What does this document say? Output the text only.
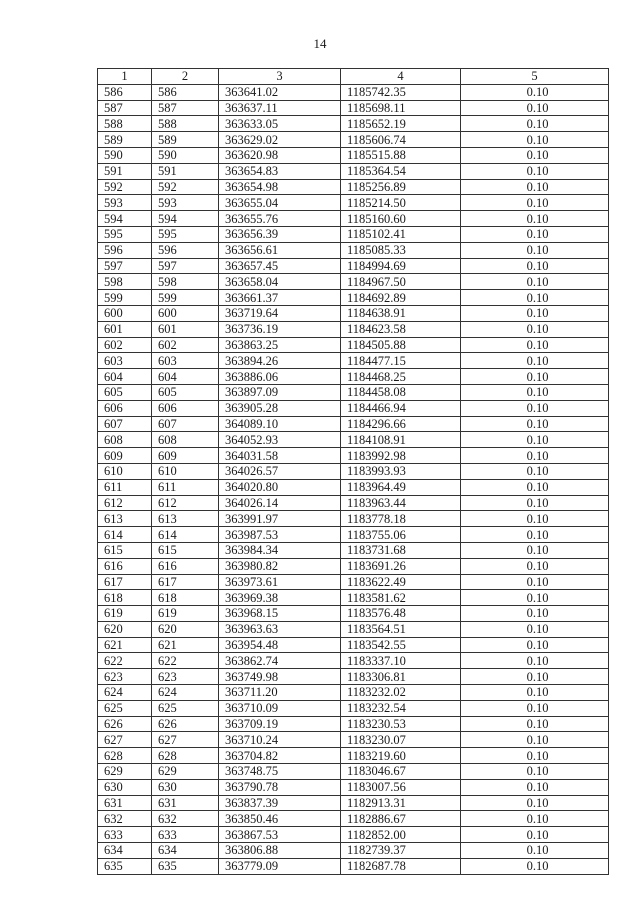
14
1	2	3	4	5
586	586	363641.02	1185742.35	0.10
587	587	363637.11	1185698.11	0.10
588	588	363633.05	1185652.19	0.10
589	589	363629.02	1185606.74	0.10
590	590	363620.98	1185515.88	0.10
591	591	363654.83	1185364.54	0.10
592	592	363654.98	1185256.89	0.10
593	593	363655.04	1185214.50	0.10
594	594	363655.76	1185160.60	0.10
595	595	363656.39	1185102.41	0.10
596	596	363656.61	1185085.33	0.10
597	597	363657.45	1184994.69	0.10
598	598	363658.04	1184967.50	0.10
599	599	363661.37	1184692.89	0.10
600	600	363719.64	1184638.91	0.10
601	601	363736.19	1184623.58	0.10
602	602	363863.25	1184505.88	0.10
603	603	363894.26	1184477.15	0.10
604	604	363886.06	1184468.25	0.10
605	605	363897.09	1184458.08	0.10
606	606	363905.28	1184466.94	0.10
607	607	364089.10	1184296.66	0.10
608	608	364052.93	1184108.91	0.10
609	609	364031.58	1183992.98	0.10
610	610	364026.57	1183993.93	0.10
611	611	364020.80	1183964.49	0.10
612	612	364026.14	1183963.44	0.10
613	613	363991.97	1183778.18	0.10
614	614	363987.53	1183755.06	0.10
615	615	363984.34	1183731.68	0.10
616	616	363980.82	1183691.26	0.10
617	617	363973.61	1183622.49	0.10
618	618	363969.38	1183581.62	0.10
619	619	363968.15	1183576.48	0.10
620	620	363963.63	1183564.51	0.10
621	621	363954.48	1183542.55	0.10
622	622	363862.74	1183337.10	0.10
623	623	363749.98	1183306.81	0.10
624	624	363711.20	1183232.02	0.10
625	625	363710.09	1183232.54	0.10
626	626	363709.19	1183230.53	0.10
627	627	363710.24	1183230.07	0.10
628	628	363704.82	1183219.60	0.10
629	629	363748.75	1183046.67	0.10
630	630	363790.78	1183007.56	0.10
631	631	363837.39	1182913.31	0.10
632	632	363850.46	1182886.67	0.10
633	633	363867.53	1182852.00	0.10
634	634	363806.88	1182739.37	0.10
635	635	363779.09	1182687.78	0.10
